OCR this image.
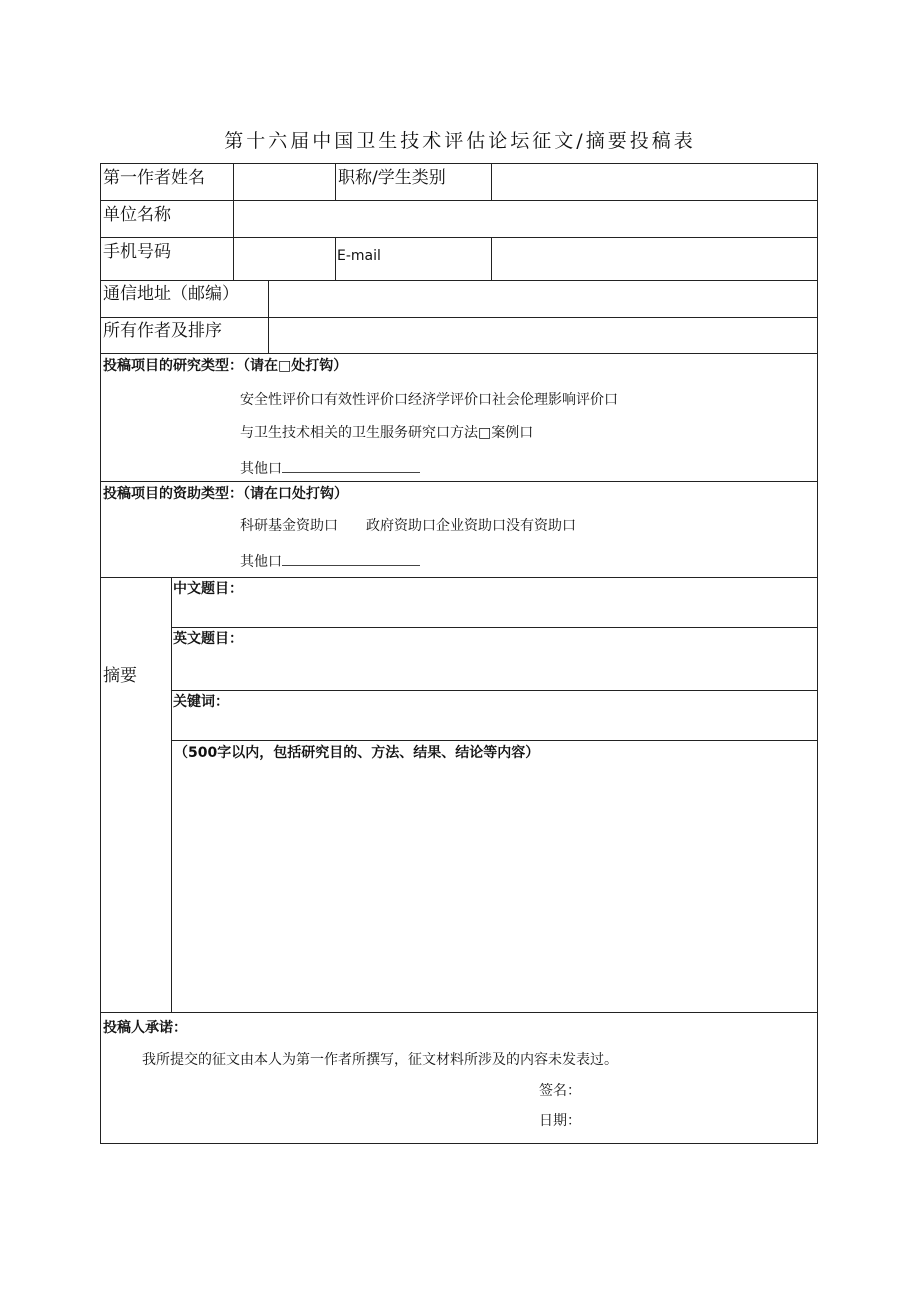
第十六届中国卫生技术评估论坛征文/摘要投稿表
第一作者姓名	职称/学生类别
单位名称
手机号码	E-mail
通信地址（邮编）
所有作者及排序
投稿项目的研究类型：（请在□处打钩）
安全性评价口有效性评价口经济学评价口社会伦理影响评价口
与卫生技术相关的卫生服务研究口方法□案例口
其他口
投稿项目的资助类型：（请在口处打钩）
科研基金资助口　　政府资助口企业资助口没有资助口
其他口
摘要
中文题目：
英文题目：
关键词：
（500字以内，包括研究目的、方法、结果、结论等内容）
投稿人承诺：
我所提交的征文由本人为第一作者所撰写，征文材料所涉及的内容未发表过。
签名：
日期：
